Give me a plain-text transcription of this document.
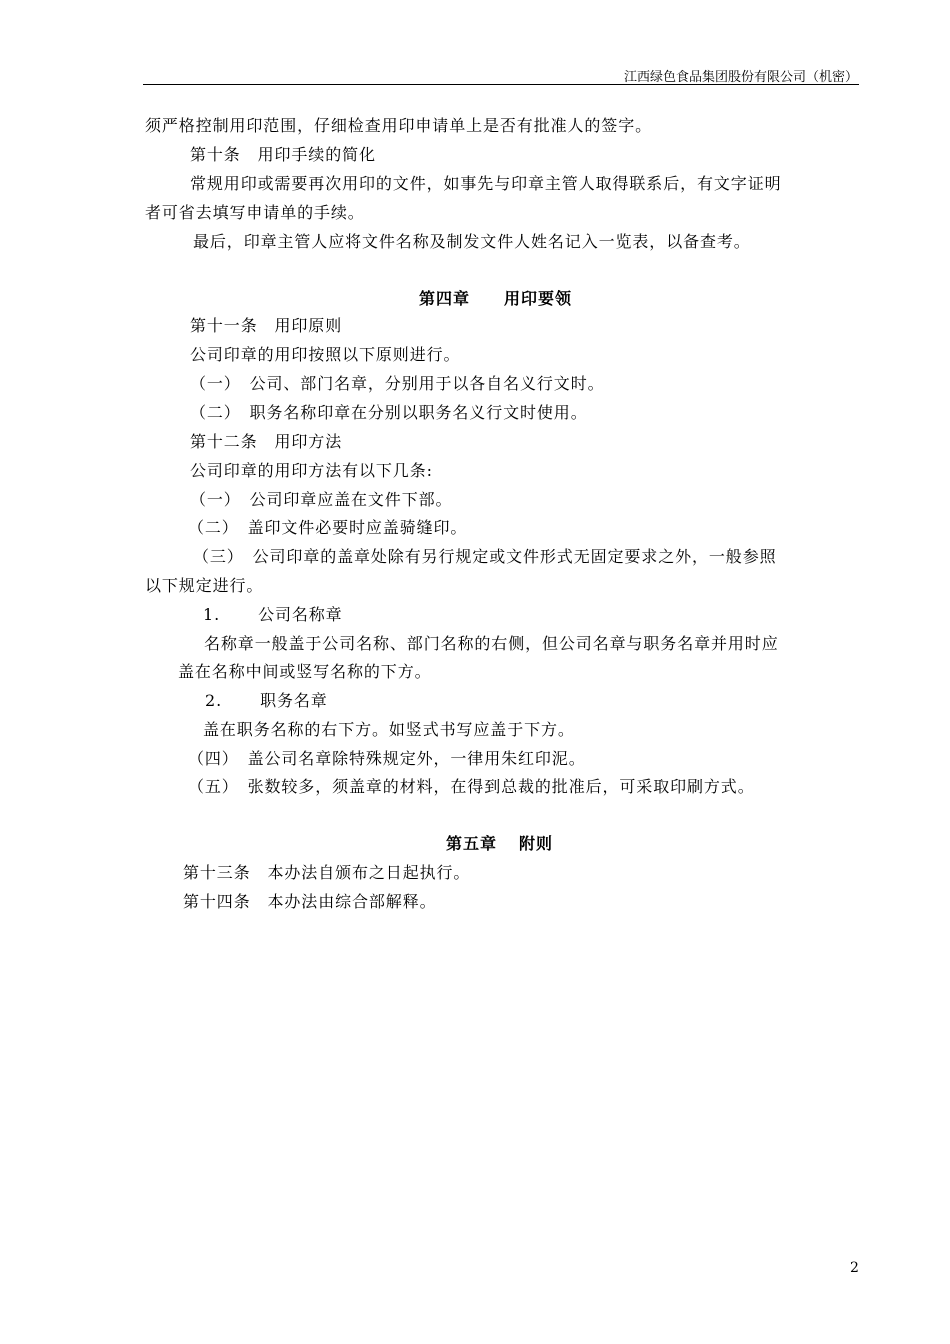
江西绿色食品集团股份有限公司（机密）
须严格控制用印范围，仔细检查用印申请单上是否有批准人的签字。
第十条　用印手续的简化
常规用印或需要再次用印的文件，如事先与印章主管人取得联系后，有文字证明
者可省去填写申请单的手续。
最后，印章主管人应将文件名称及制发文件人姓名记入一览表，以备查考。
第四章 用印要领
第十一条　用印原则
公司印章的用印按照以下原则进行。
（一）　公司、部门名章，分别用于以各自名义行文时。
（二）　职务名称印章在分别以职务名义行文时使用。
第十二条　用印方法
公司印章的用印方法有以下几条:
（一）　公司印章应盖在文件下部。
（二）　盖印文件必要时应盖骑缝印。
（三）　公司印章的盖章处除有另行规定或文件形式无固定要求之外，一般参照
以下规定进行。
1. 公司名称章
名称章一般盖于公司名称、部门名称的右侧，但公司名章与职务名章并用时应
盖在名称中间或竖写名称的下方。
2. 职务名章
盖在职务名称的右下方。如竖式书写应盖于下方。
（四）　盖公司名章除特殊规定外，一律用朱红印泥。
（五）　张数较多，须盖章的材料，在得到总裁的批准后，可采取印刷方式。
第五章 附则
第十三条　本办法自颁布之日起执行。
第十四条　本办法由综合部解释。
2
